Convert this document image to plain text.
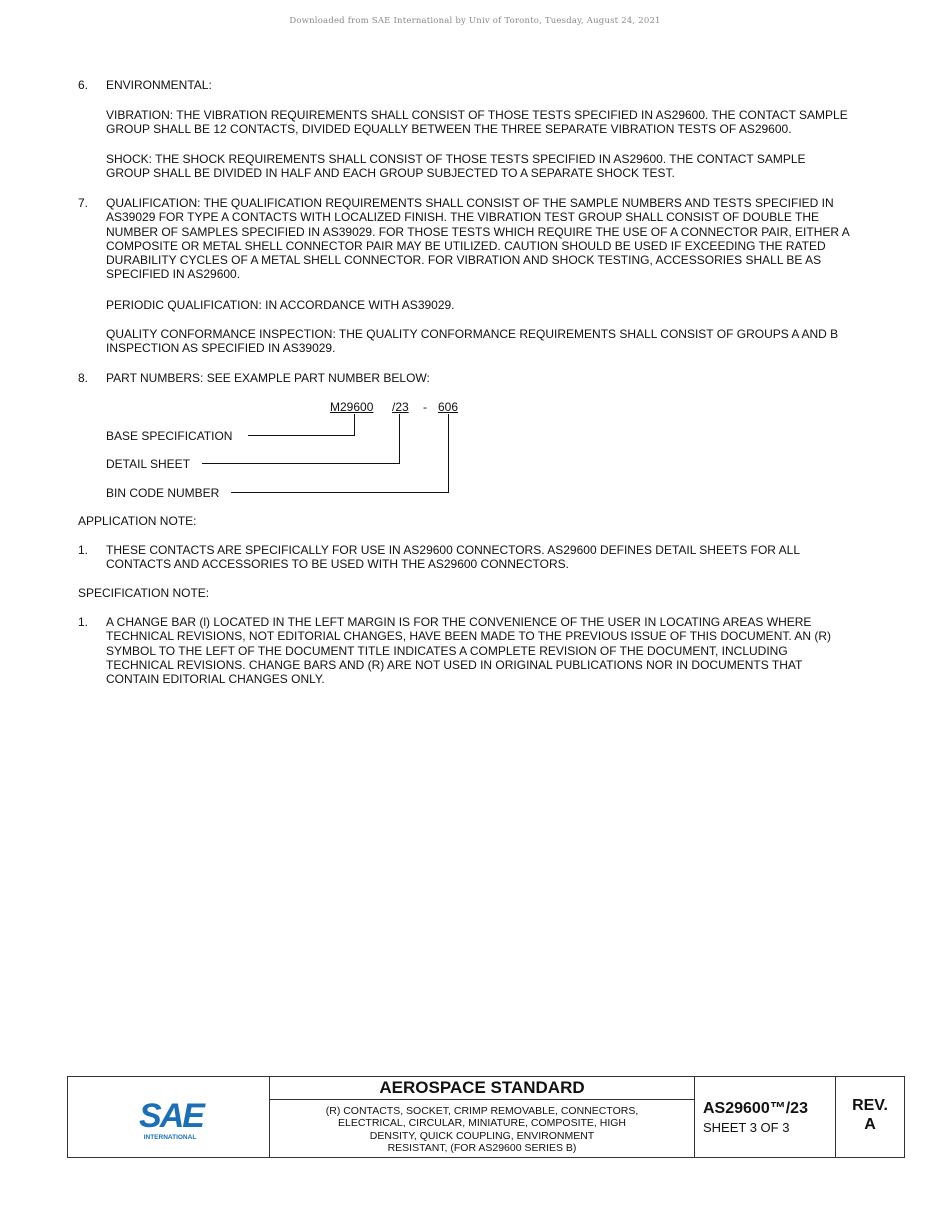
Downloaded from SAE International by Univ of Toronto, Tuesday, August 24, 2021
6. ENVIRONMENTAL:
VIBRATION: THE VIBRATION REQUIREMENTS SHALL CONSIST OF THOSE TESTS SPECIFIED IN AS29600. THE CONTACT SAMPLE
GROUP SHALL BE 12 CONTACTS, DIVIDED EQUALLY BETWEEN THE THREE SEPARATE VIBRATION TESTS OF AS29600.
SHOCK: THE SHOCK REQUIREMENTS SHALL CONSIST OF THOSE TESTS SPECIFIED IN AS29600. THE CONTACT SAMPLE
GROUP SHALL BE DIVIDED IN HALF AND EACH GROUP SUBJECTED TO A SEPARATE SHOCK TEST.
7. QUALIFICATION: THE QUALIFICATION REQUIREMENTS SHALL CONSIST OF THE SAMPLE NUMBERS AND TESTS SPECIFIED IN
AS39029 FOR TYPE A CONTACTS WITH LOCALIZED FINISH. THE VIBRATION TEST GROUP SHALL CONSIST OF DOUBLE THE
NUMBER OF SAMPLES SPECIFIED IN AS39029. FOR THOSE TESTS WHICH REQUIRE THE USE OF A CONNECTOR PAIR, EITHER A
COMPOSITE OR METAL SHELL CONNECTOR PAIR MAY BE UTILIZED. CAUTION SHOULD BE USED IF EXCEEDING THE RATED
DURABILITY CYCLES OF A METAL SHELL CONNECTOR. FOR VIBRATION AND SHOCK TESTING, ACCESSORIES SHALL BE AS
SPECIFIED IN AS29600.
PERIODIC QUALIFICATION: IN ACCORDANCE WITH AS39029.
QUALITY CONFORMANCE INSPECTION: THE QUALITY CONFORMANCE REQUIREMENTS SHALL CONSIST OF GROUPS A AND B
INSPECTION AS SPECIFIED IN AS39029.
8. PART NUMBERS: SEE EXAMPLE PART NUMBER BELOW:
M29600 /23 - 606
BASE SPECIFICATION
DETAIL SHEET
BIN CODE NUMBER
APPLICATION NOTE:
1. THESE CONTACTS ARE SPECIFICALLY FOR USE IN AS29600 CONNECTORS. AS29600 DEFINES DETAIL SHEETS FOR ALL
CONTACTS AND ACCESSORIES TO BE USED WITH THE AS29600 CONNECTORS.
SPECIFICATION NOTE:
1. A CHANGE BAR (l) LOCATED IN THE LEFT MARGIN IS FOR THE CONVENIENCE OF THE USER IN LOCATING AREAS WHERE
TECHNICAL REVISIONS, NOT EDITORIAL CHANGES, HAVE BEEN MADE TO THE PREVIOUS ISSUE OF THIS DOCUMENT. AN (R)
SYMBOL TO THE LEFT OF THE DOCUMENT TITLE INDICATES A COMPLETE REVISION OF THE DOCUMENT, INCLUDING
TECHNICAL REVISIONS. CHANGE BARS AND (R) ARE NOT USED IN ORIGINAL PUBLICATIONS NOR IN DOCUMENTS THAT
CONTAIN EDITORIAL CHANGES ONLY.
SAE
INTERNATIONAL
AEROSPACE STANDARD
(R) CONTACTS, SOCKET, CRIMP REMOVABLE, CONNECTORS,
ELECTRICAL, CIRCULAR, MINIATURE, COMPOSITE, HIGH
DENSITY, QUICK COUPLING, ENVIRONMENT
RESISTANT, (FOR AS29600 SERIES B)
AS29600™/23
SHEET 3 OF 3
REV.
A
